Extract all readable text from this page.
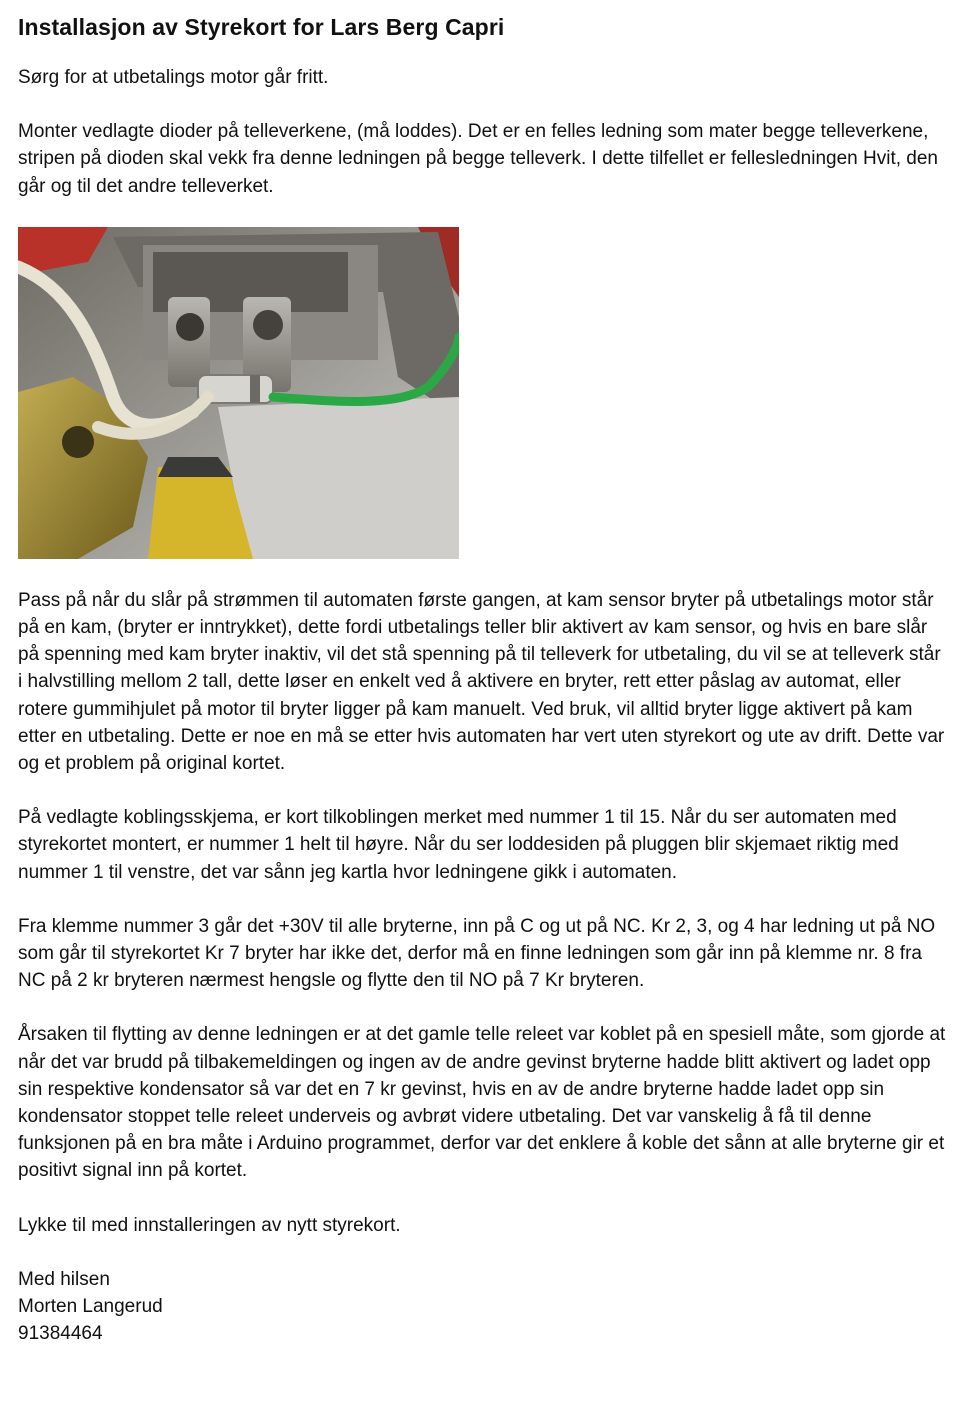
Installasjon av Styrekort for Lars Berg Capri

Sørg for at utbetalings motor går fritt.

Monter vedlagte dioder på telleverkene, (må loddes). Det er en felles ledning som mater begge telleverkene, stripen på dioden skal vekk fra denne ledningen på begge telleverk. I dette tilfellet er fellesledningen Hvit, den går og til det andre telleverket.

Pass på når du slår på strømmen til automaten første gangen, at kam sensor bryter på utbetalings motor står på en kam, (bryter er inntrykket), dette fordi utbetalings teller blir aktivert av kam sensor, og hvis en bare slår på spenning med kam bryter inaktiv, vil det stå spenning på til telleverk for utbetaling, du vil se at telleverk står i halvstilling mellom 2 tall, dette løser en enkelt ved å aktivere en bryter, rett etter påslag av automat, eller rotere gummihjulet på motor til bryter ligger på kam manuelt. Ved bruk, vil alltid bryter ligge aktivert på kam etter en utbetaling. Dette er noe en må se etter hvis automaten har vert uten styrekort og ute av drift. Dette var og et problem på original kortet.

På vedlagte koblingsskjema, er kort tilkoblingen merket med nummer 1 til 15. Når du ser automaten med styrekortet montert, er nummer 1 helt til høyre. Når du ser loddesiden på pluggen blir skjemaet riktig med nummer 1 til venstre, det var sånn jeg kartla hvor ledningene gikk i automaten.

Fra klemme nummer 3 går det +30V til alle bryterne, inn på C og ut på NC. Kr 2, 3, og 4 har ledning ut på NO som går til styrekortet Kr 7 bryter har ikke det, derfor må en finne ledningen som går inn på klemme nr. 8 fra NC på 2 kr bryteren nærmest hengsle og flytte den til NO på 7 Kr bryteren.

Årsaken til flytting av denne ledningen er at det gamle telle releet var koblet på en spesiell måte, som gjorde at når det var brudd på tilbakemeldingen og ingen av de andre gevinst bryterne hadde blitt aktivert og ladet opp sin respektive kondensator så var det en 7 kr gevinst, hvis en av de andre bryterne hadde ladet opp sin kondensator stoppet telle releet underveis og avbrøt videre utbetaling. Det var vanskelig å få til denne funksjonen på en bra måte i Arduino programmet, derfor var det enklere å koble det sånn at alle bryterne gir et positivt signal inn på kortet.

Lykke til med innstalleringen av nytt styrekort.

Med hilsen

Morten Langerud

91384464
